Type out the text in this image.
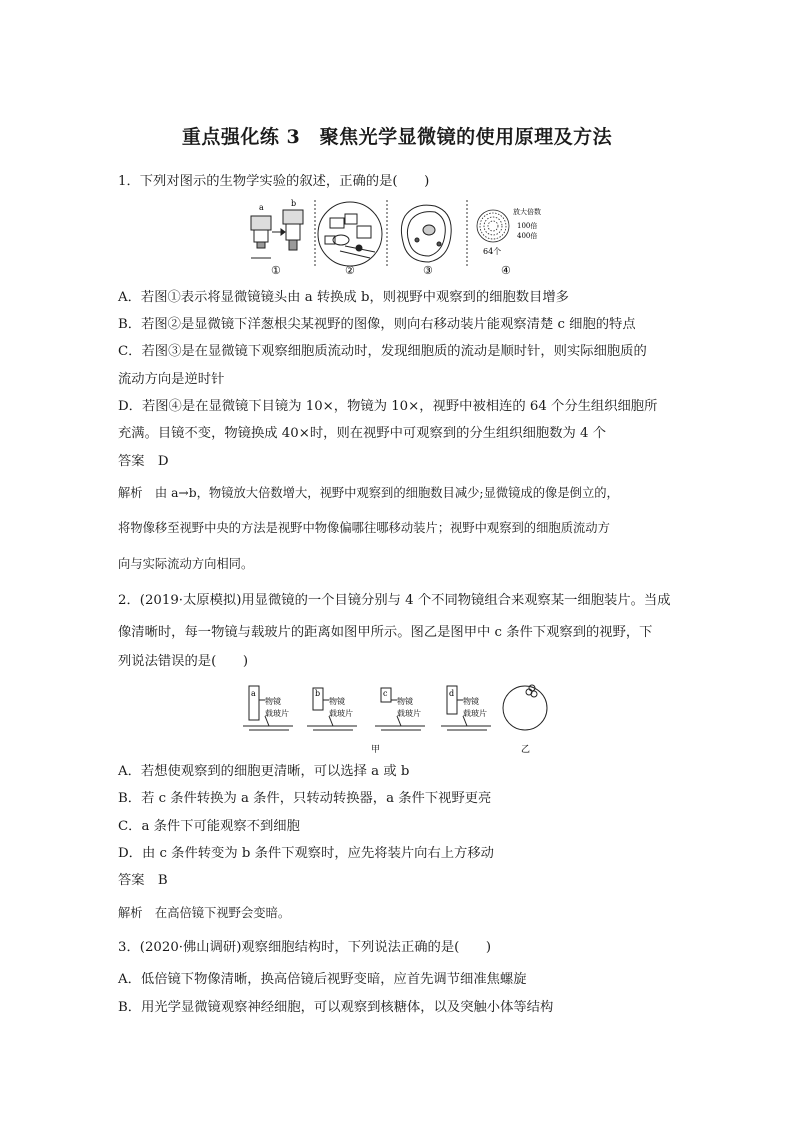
重点强化练 3　聚焦光学显微镜的使用原理及方法
1．下列对图示的生物学实验的叙述，正确的是(　　)
a	b
①	②	③
放大倍数
100倍
400倍
64个
④
A．若图①表示将显微镜镜头由 a 转换成 b，则视野中观察到的细胞数目增多
B．若图②是显微镜下洋葱根尖某视野的图像，则向右移动装片能观察清楚 c 细胞的特点
C．若图③是在显微镜下观察细胞质流动时，发现细胞质的流动是顺时针，则实际细胞质的
流动方向是逆时针
D．若图④是在显微镜下目镜为 10×，物镜为 10×，视野中被相连的 64 个分生组织细胞所
充满。目镜不变，物镜换成 40×时，则在视野中可观察到的分生组织细胞数为 4 个
答案　D
解析　由 a→b，物镜放大倍数增大，视野中观察到的细胞数目减少;显微镜成的像是倒立的，
将物像移至视野中央的方法是视野中物像偏哪往哪移动装片；视野中观察到的细胞质流动方
向与实际流动方向相同。
2．(2019·太原模拟)用显微镜的一个目镜分别与 4 个不同物镜组合来观察某一细胞装片。当成
像清晰时，每一物镜与载玻片的距离如图甲所示。图乙是图甲中 c 条件下观察到的视野，下
列说法错误的是(　　)
a
物镜
载玻片
b
物镜
载玻片
c
物镜
载玻片
d
物镜
载玻片
甲	乙
A．若想使观察到的细胞更清晰，可以选择 a 或 b
B．若 c 条件转换为 a 条件，只转动转换器，a 条件下视野更亮
C．a 条件下可能观察不到细胞
D．由 c 条件转变为 b 条件下观察时，应先将装片向右上方移动
答案　B
解析　在高倍镜下视野会变暗。
3．(2020·佛山调研)观察细胞结构时，下列说法正确的是(　　)
A．低倍镜下物像清晰，换高倍镜后视野变暗，应首先调节细准焦螺旋
B．用光学显微镜观察神经细胞，可以观察到核糖体，以及突触小体等结构
